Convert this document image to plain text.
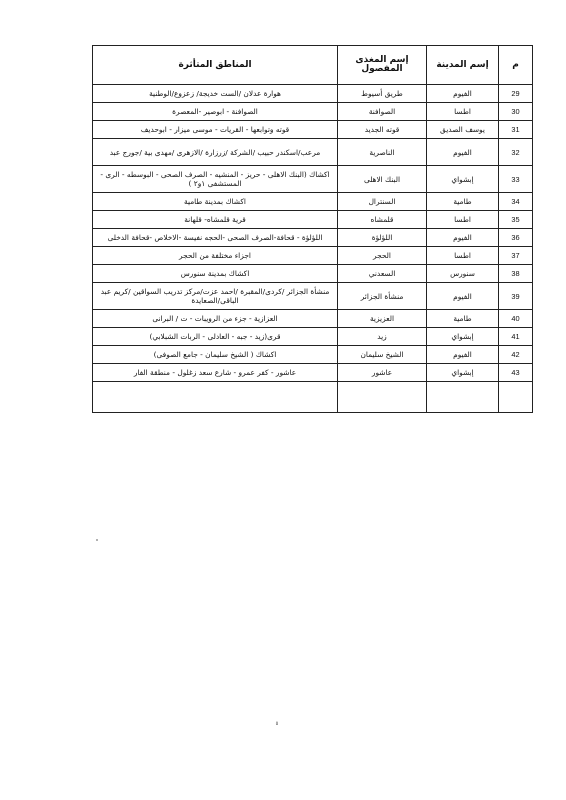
م	إسم المدينة	إسم المغذى المفصول	المناطق المتأثرة
29	الفيوم	طريق أسيوط	هوارة عدلان /الست خديجة/ زعزوع/الوطنية
30	اطسا	الصوافنة	الصوافنة - ابوصير -المعصرة
31	يوسف الصديق	قوته الجديد	قوته وتوابعها - القريات - موسى ميزار - ابوحديف
32	الفيوم	الناصرية	مرعب/اسكندر حبيب /الشركة /زرزارة /الازهرى /مهدى بية /جورج عبد
33	إبشواي	البنك الاهلى	اكشاك (البنك الاهلى - حريز - المنشيه - الصرف الصحى - البوسطه - الرى - المستشفى ١و٢ )
34	طامية	السنترال	اكشاك بمدينة طامية
35	اطسا	قلمشاه	قرية قلمشاه- قلهانة
36	الفيوم	اللؤلؤة	اللؤلؤة - قحافة-الصرف الصحى -الحجه نفيسة -الاخلاص -قحافة الدخلى
37	اطسا	الحجر	اجزاء مختلفة من الحجر
38	سنورس	السعدني	اكشاك بمدينة سنورس
39	الفيوم	منشأة الجزائر	منشأة الجزائر /كردى/المقبرة /احمد عزت/مركز تدريب السواقين /كريم عبد الباقى/الصعايدة
40	طامية	العزيزية	العزازية - جزء من الرويبات - ت / البرانى
41	إبشواي	زيد	قرى(زيد - جبه - العادلى - الربات الشبلابي)
42	الفيوم	الشيخ سليمان	اكشاك ( الشيخ سليمان - جامع الصوفى)
43	إبشواي	عاشور	عاشور - كفر عمرو - شارع سعد زغلول - منطقة الفار

٥
